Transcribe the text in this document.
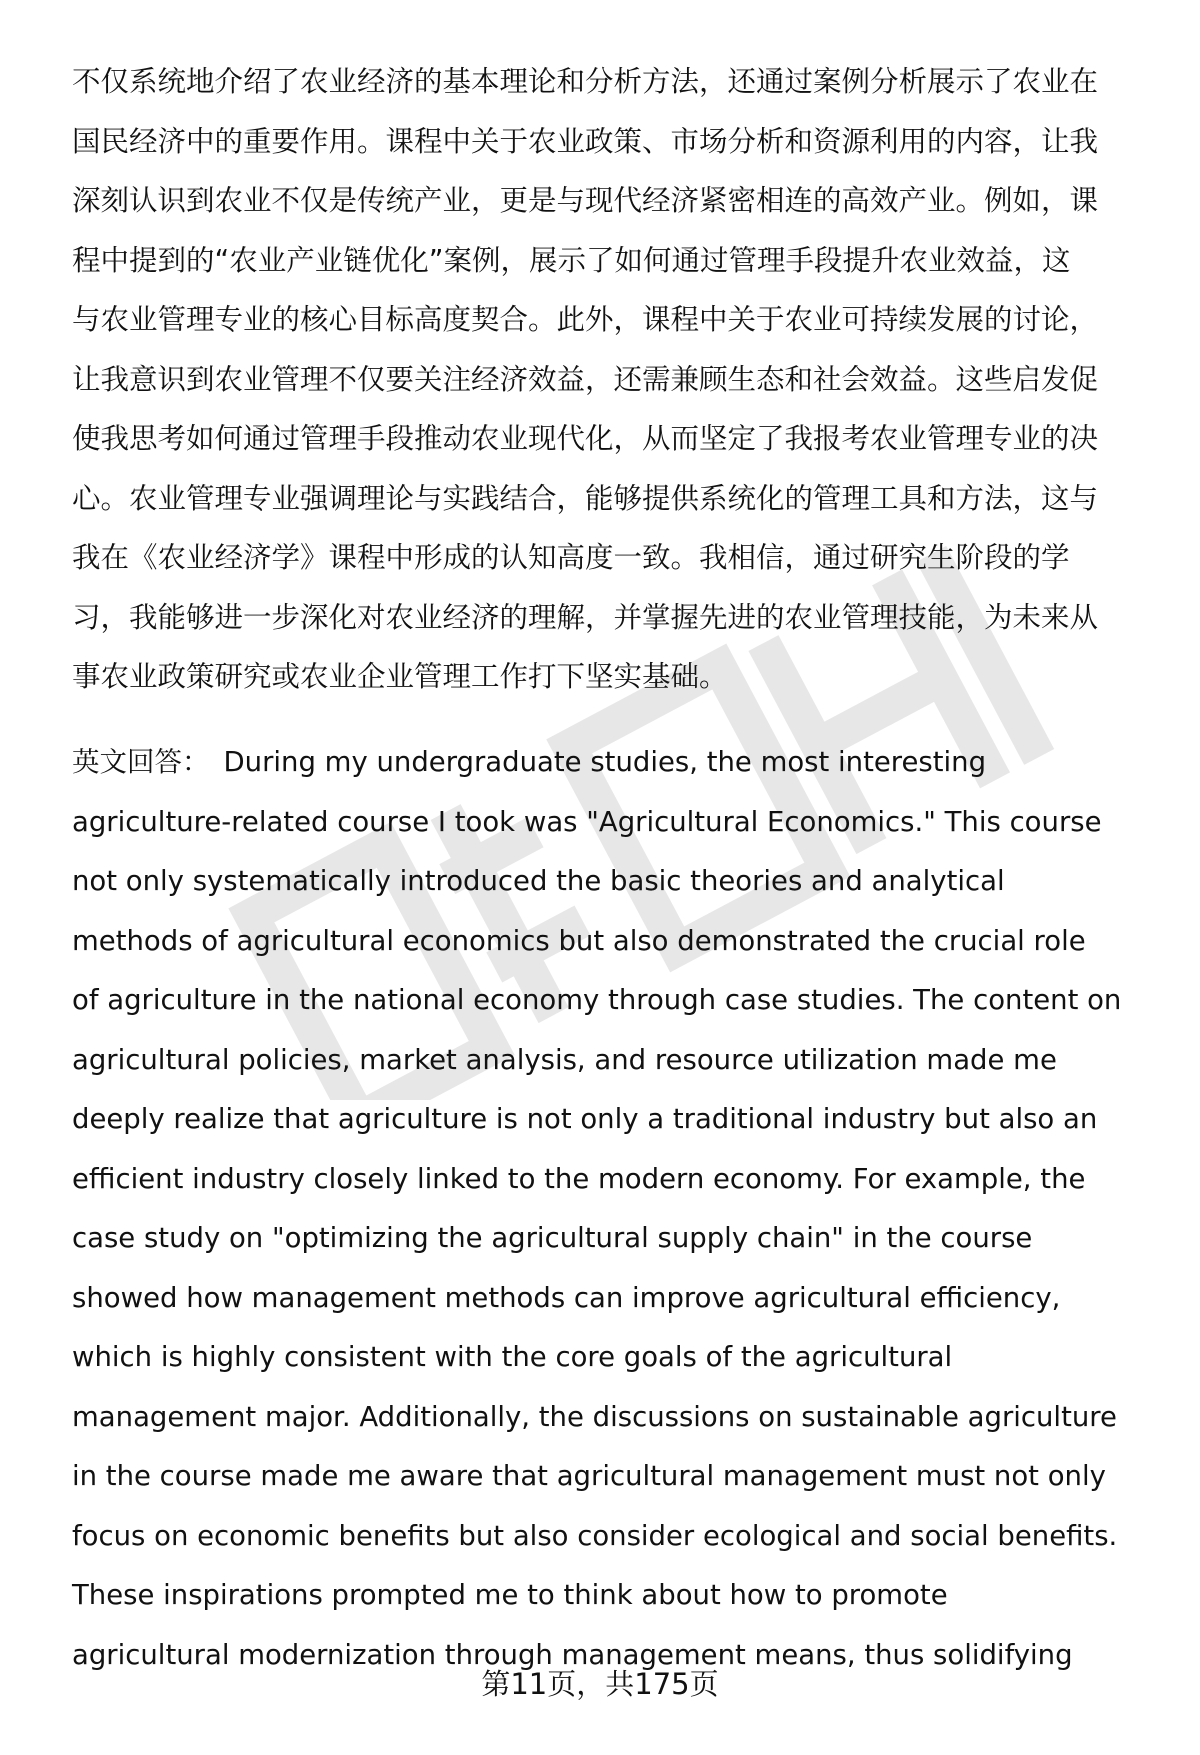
不仅系统地介绍了农业经济的基本理论和分析方法，还通过案例分析展示了农业在
国民经济中的重要作用。课程中关于农业政策、市场分析和资源利用的内容，让我
深刻认识到农业不仅是传统产业，更是与现代经济紧密相连的高效产业。例如，课
程中提到的“农业产业链优化”案例，展示了如何通过管理手段提升农业效益，这
与农业管理专业的核心目标高度契合。此外，课程中关于农业可持续发展的讨论，
让我意识到农业管理不仅要关注经济效益，还需兼顾生态和社会效益。这些启发促
使我思考如何通过管理手段推动农业现代化，从而坚定了我报考农业管理专业的决
心。农业管理专业强调理论与实践结合，能够提供系统化的管理工具和方法，这与
我在《农业经济学》课程中形成的认知高度一致。我相信，通过研究生阶段的学
习，我能够进一步深化对农业经济的理解，并掌握先进的农业管理技能，为未来从
事农业政策研究或农业企业管理工作打下坚实基础。
英文回答： During my undergraduate studies, the most interesting
agriculture-related course I took was "Agricultural Economics." This course
not only systematically introduced the basic theories and analytical
methods of agricultural economics but also demonstrated the crucial role
of agriculture in the national economy through case studies. The content on
agricultural policies, market analysis, and resource utilization made me
deeply realize that agriculture is not only a traditional industry but also an
efficient industry closely linked to the modern economy. For example, the
case study on "optimizing the agricultural supply chain" in the course
showed how management methods can improve agricultural efficiency,
which is highly consistent with the core goals of the agricultural
management major. Additionally, the discussions on sustainable agriculture
in the course made me aware that agricultural management must not only
focus on economic benefits but also consider ecological and social benefits.
These inspirations prompted me to think about how to promote
agricultural modernization through management means, thus solidifying
第11页，共175页
